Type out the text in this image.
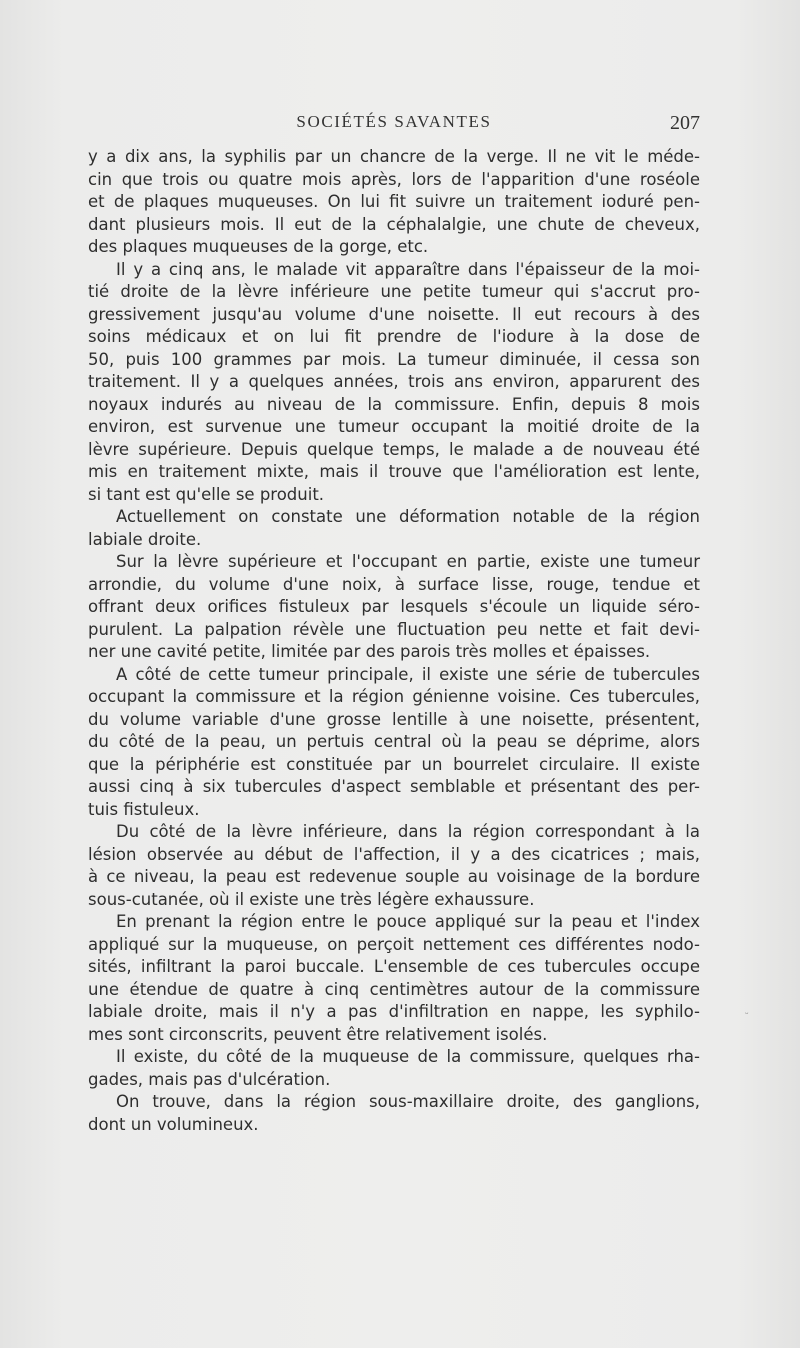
SOCIÉTÉS SAVANTES	207
y a dix ans, la syphilis par un chancre de la verge. Il ne vit le méde-
cin que trois ou quatre mois après, lors de l'apparition d'une roséole
et de plaques muqueuses. On lui fit suivre un traitement ioduré pen-
dant plusieurs mois. Il eut de la céphalalgie, une chute de cheveux,
des plaques muqueuses de la gorge, etc.
Il y a cinq ans, le malade vit apparaître dans l'épaisseur de la moi-
tié droite de la lèvre inférieure une petite tumeur qui s'accrut pro-
gressivement jusqu'au volume d'une noisette. Il eut recours à des
soins médicaux et on lui fit prendre de l'iodure à la dose de
50, puis 100 grammes par mois. La tumeur diminuée, il cessa son
traitement. Il y a quelques années, trois ans environ, apparurent des
noyaux indurés au niveau de la commissure. Enfin, depuis 8 mois
environ, est survenue une tumeur occupant la moitié droite de la
lèvre supérieure. Depuis quelque temps, le malade a de nouveau été
mis en traitement mixte, mais il trouve que l'amélioration est lente,
si tant est qu'elle se produit.
Actuellement on constate une déformation notable de la région
labiale droite.
Sur la lèvre supérieure et l'occupant en partie, existe une tumeur
arrondie, du volume d'une noix, à surface lisse, rouge, tendue et
offrant deux orifices fistuleux par lesquels s'écoule un liquide séro-
purulent. La palpation révèle une fluctuation peu nette et fait devi-
ner une cavité petite, limitée par des parois très molles et épaisses.
A côté de cette tumeur principale, il existe une série de tubercules
occupant la commissure et la région génienne voisine. Ces tubercules,
du volume variable d'une grosse lentille à une noisette, présentent,
du côté de la peau, un pertuis central où la peau se déprime, alors
que la périphérie est constituée par un bourrelet circulaire. Il existe
aussi cinq à six tubercules d'aspect semblable et présentant des per-
tuis fistuleux.
Du côté de la lèvre inférieure, dans la région correspondant à la
lésion observée au début de l'affection, il y a des cicatrices ; mais,
à ce niveau, la peau est redevenue souple au voisinage de la bordure
sous-cutanée, où il existe une très légère exhaussure.
En prenant la région entre le pouce appliqué sur la peau et l'index
appliqué sur la muqueuse, on perçoit nettement ces différentes nodo-
sités, infiltrant la paroi buccale. L'ensemble de ces tubercules occupe
une étendue de quatre à cinq centimètres autour de la commissure
labiale droite, mais il n'y a pas d'infiltration en nappe, les syphilo-
mes sont circonscrits, peuvent être relativement isolés.
Il existe, du côté de la muqueuse de la commissure, quelques rha-
gades, mais pas d'ulcération.
On trouve, dans la région sous-maxillaire droite, des ganglions,
dont un volumineux.
ᵕ
